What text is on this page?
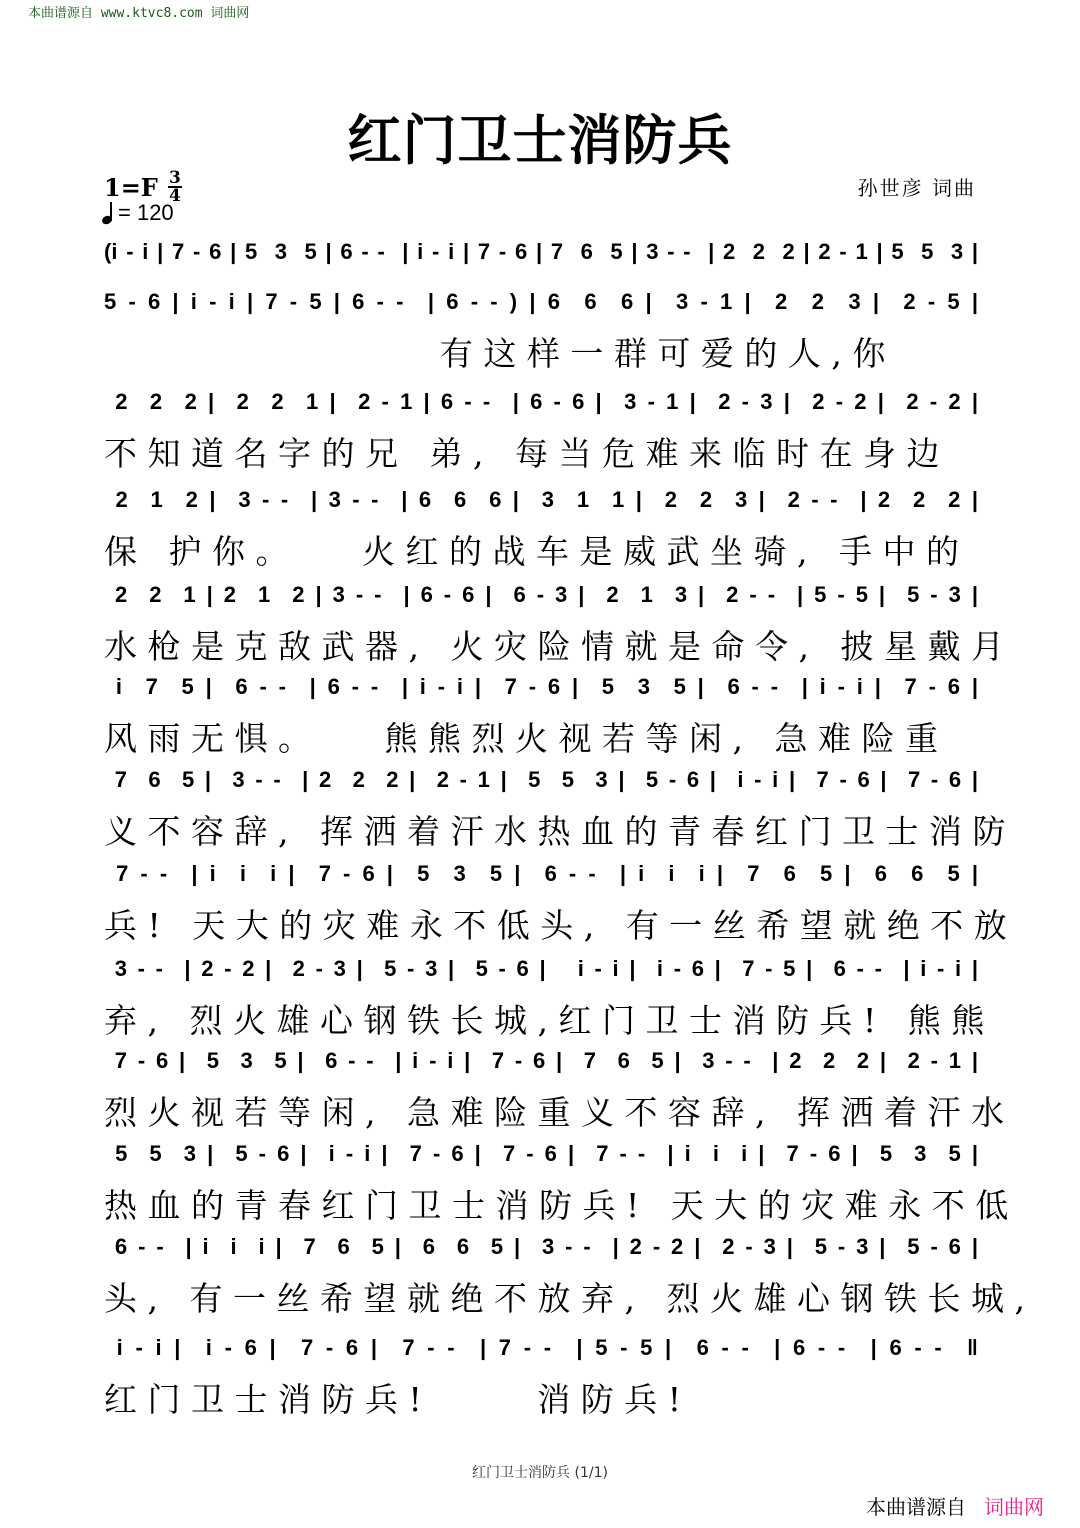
本曲谱源自 www.ktvc8.com 词曲网
红门卫士消防兵
$1=F \frac{3}{4}$
= 120
孙世彦 词曲
(i - i | 7 - 6 | 5  3  5 | 6 - -  | i - i | 7 - 6 | 7  6  5 | 3 - -  | 2  2  2 | 2 - 1 | 5  5  3 |
5 - 6 | i - i | 7 - 5 | 6 - -  | 6 - - ) | 6  6  6 |  3 - 1 |  2  2  3 |  2 - 5 |
有这样一群可爱的人,你
2  2  2 |  2  2  1 |  2 - 1 | 6 - -  | 6 - 6 |  3 - 1 |  2 - 3 |  2 - 2 |  2 - 2 |
不知道名字的兄 弟, 每当危难来临时在身边
2  1  2 |  3 - -  | 3 - -  | 6  6  6 |  3  1  1 |  2  2  3 |  2 - -  | 2  2  2 |
保 护你。   火红的战车是威武坐骑, 手中的
2  2  1 | 2  1  2 | 3 - -  | 6 - 6 |  6 - 3 |  2  1  3 |  2 - -  | 5 - 5 |  5 - 3 |
水枪是克敌武器, 火灾险情就是命令, 披星戴月
i  7  5 |  6 - -  | 6 - -  | i - i |  7 - 6 |  5  3  5 |  6 - -  | i - i |  7 - 6 |
风雨无惧。   熊熊烈火视若等闲, 急难险重
7  6  5 |  3 - -  | 2  2  2 |  2 - 1 |  5  5  3 |  5 - 6 |  i - i |  7 - 6 |  7 - 6 |
义不容辞, 挥洒着汗水热血的青春红门卫士消防
7 - -  | i  i  i |  7 - 6 |  5  3  5 |  6 - -  | i  i  i |  7  6  5 |  6  6  5 |
兵! 天大的灾难永不低头, 有一丝希望就绝不放
3 - -  | 2 - 2 |  2 - 3 |  5 - 3 |  5 - 6 |   i - i |  i - 6 |  7 - 5 |  6 - -  | i - i |
弃, 烈火雄心钢铁长城,红门卫士消防兵! 熊熊
7 - 6 |  5  3  5 |  6 - -  | i - i |  7 - 6 |  7  6  5 |  3 - -  | 2  2  2 |  2 - 1 |
烈火视若等闲, 急难险重义不容辞, 挥洒着汗水
5  5  3 |  5 - 6 |  i - i |  7 - 6 |  7 - 6 |  7 - -  | i  i  i |  7 - 6 |  5  3  5 |
热血的青春红门卫士消防兵! 天大的灾难永不低
6 - -  | i  i  i |  7  6  5 |  6  6  5 |  3 - -  | 2 - 2 |  2 - 3 |  5 - 3 |  5 - 6 |
头, 有一丝希望就绝不放弃, 烈火雄心钢铁长城,
i - i |  i - 6 |  7 - 6 |  7 - -  | 7 - -  | 5 - 5 |  6 - -  | 6 - -  | 6 - -  ‖
红门卫士消防兵!     消防兵!
红门卫士消防兵 (1/1)
本曲谱源自 词曲网
